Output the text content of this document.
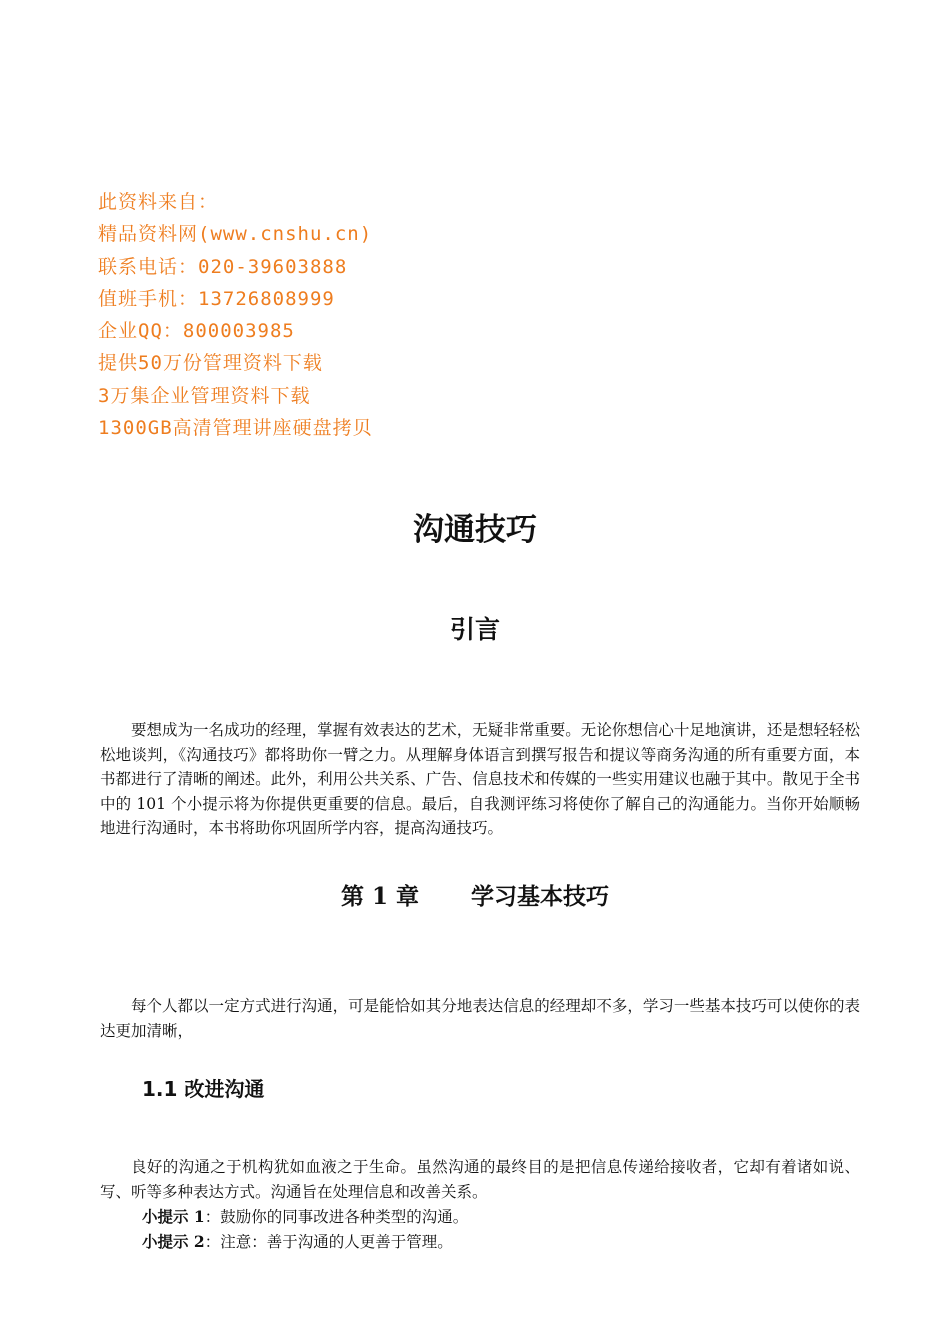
此资料来自：
精品资料网(www.cnshu.cn)
联系电话：020-39603888
值班手机：13726808999
企业QQ：800003985
提供50万份管理资料下载
3万集企业管理资料下载
1300GB高清管理讲座硬盘拷贝
沟通技巧
引言

要想成为一名成功的经理，掌握有效表达的艺术，无疑非常重要。无论你想信心十足地演讲，还是想轻轻松松地谈判，《沟通技巧》都将助你一臂之力。从理解身体语言到撰写报告和提议等商务沟通的所有重要方面，本书都进行了清晰的阐述。此外，利用公共关系、广告、信息技术和传媒的一些实用建议也融于其中。散见于全书中的 101 个小提示将为你提供更重要的信息。最后，自我测评练习将使你了解自己的沟通能力。当你开始顺畅地进行沟通时，本书将助你巩固所学内容，提高沟通技巧。

第 1 章 学习基本技巧

每个人都以一定方式进行沟通，可是能恰如其分地表达信息的经理却不多，学习一些基本技巧可以使你的表达更加清晰，

1.1 改进沟通

良好的沟通之于机构犹如血液之于生命。虽然沟通的最终目的是把信息传递给接收者，它却有着诸如说、写、听等多种表达方式。沟通旨在处理信息和改善关系。

小提示 1：鼓励你的同事改进各种类型的沟通。

小提示 2：注意：善于沟通的人更善于管理。
